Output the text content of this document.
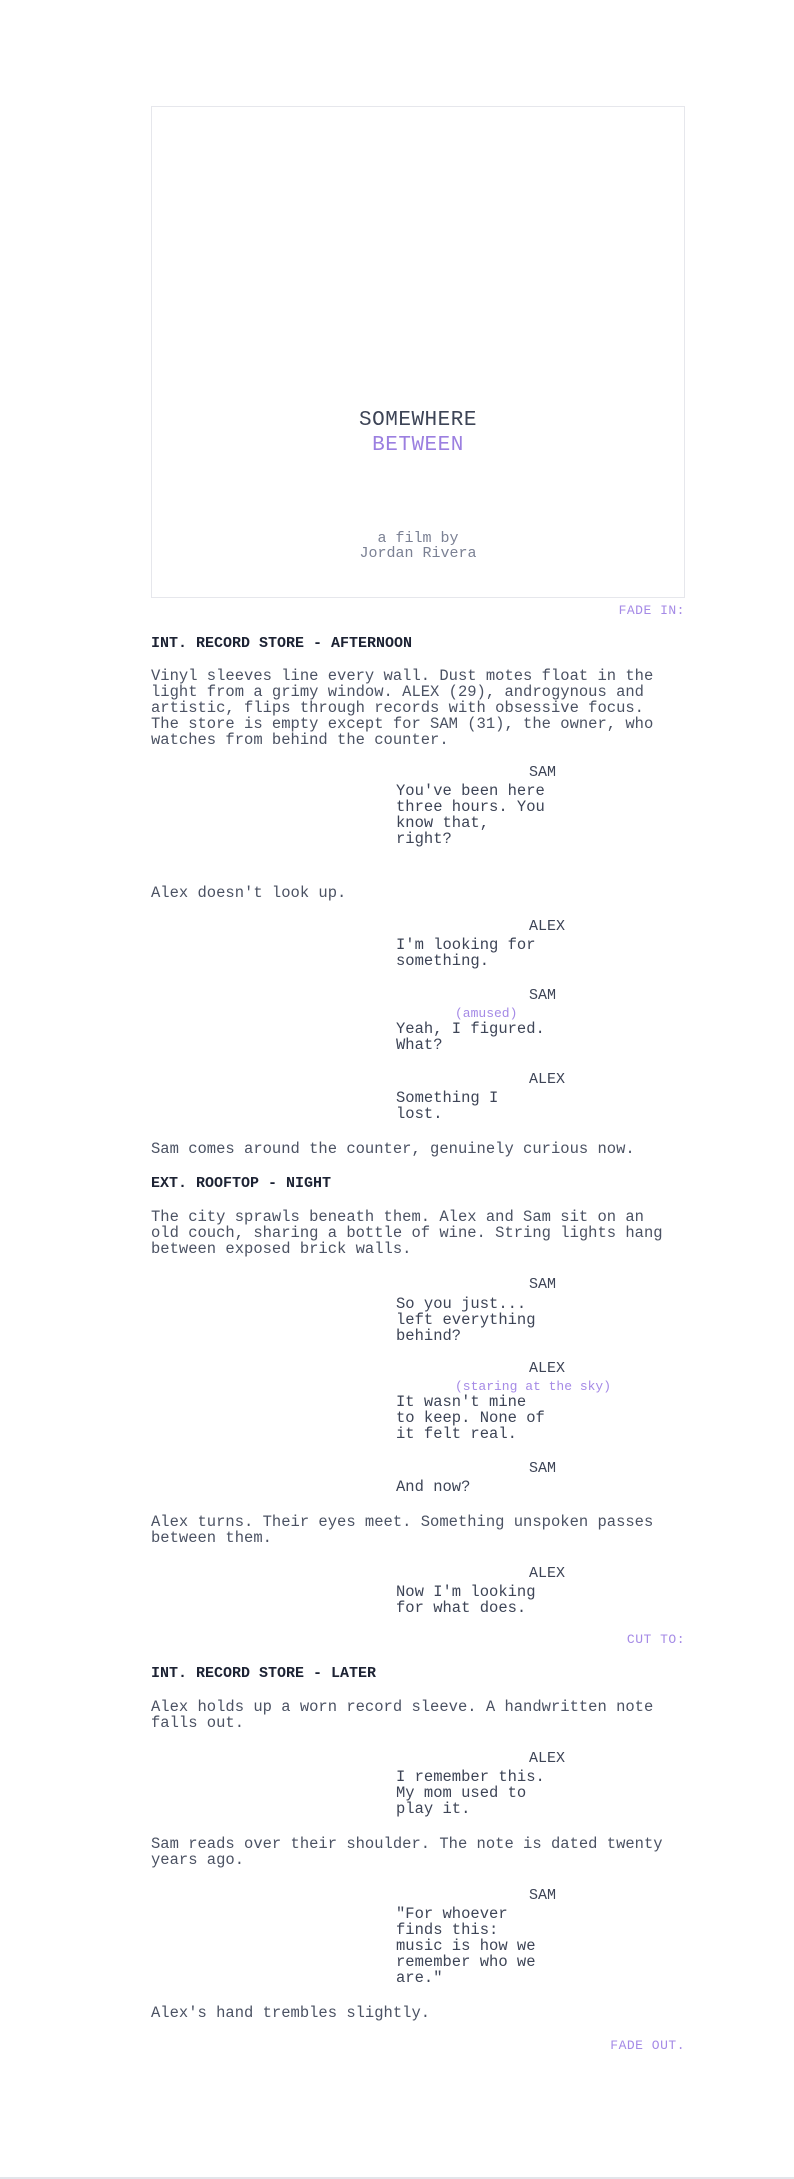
SOMEWHERE
BETWEEN
a film by
Jordan Rivera
FADE IN:
INT. RECORD STORE - AFTERNOON
Vinyl sleeves line every wall. Dust motes float in the
light from a grimy window. ALEX (29), androgynous and
artistic, flips through records with obsessive focus.
The store is empty except for SAM (31), the owner, who
watches from behind the counter.
SAM
You've been here
three hours. You
know that,
right?
Alex doesn't look up.
ALEX
I'm looking for
something.
SAM
(amused)
Yeah, I figured.
What?
ALEX
Something I
lost.
Sam comes around the counter, genuinely curious now.
EXT. ROOFTOP - NIGHT
The city sprawls beneath them. Alex and Sam sit on an
old couch, sharing a bottle of wine. String lights hang
between exposed brick walls.
SAM
So you just...
left everything
behind?
ALEX
(staring at the sky)
It wasn't mine
to keep. None of
it felt real.
SAM
And now?
Alex turns. Their eyes meet. Something unspoken passes
between them.
ALEX
Now I'm looking
for what does.
CUT TO:
INT. RECORD STORE - LATER
Alex holds up a worn record sleeve. A handwritten note
falls out.
ALEX
I remember this.
My mom used to
play it.
Sam reads over their shoulder. The note is dated twenty
years ago.
SAM
"For whoever
finds this:
music is how we
remember who we
are."
Alex's hand trembles slightly.
FADE OUT.
